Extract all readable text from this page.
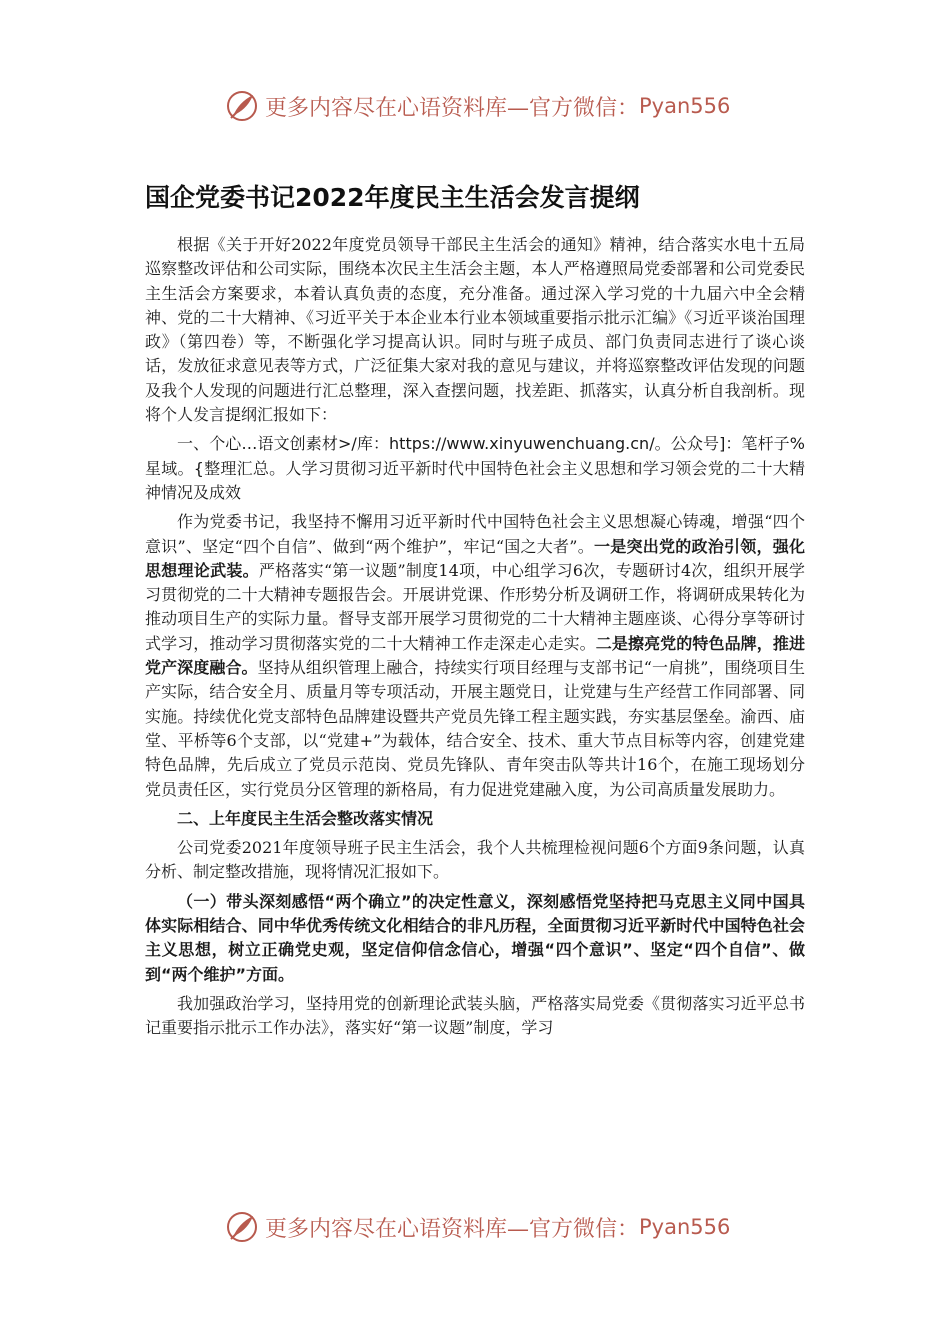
更多内容尽在心语资料库—官方微信： Pyan556
国企党委书记2022年度民主生活会发言提纲

根据《关于开好2022年度党员领导干部民主生活会的通知》精神，结合落实水电十五局巡察整改评估和公司实际，围绕本次民主生活会主题，本人严格遵照局党委部署和公司党委民主生活会方案要求，本着认真负责的态度，充分准备。通过深入学习党的十九届六中全会精神、党的二十大精神、《习近平关于本企业本行业本领域重要指示批示汇编》《习近平谈治国理政》（第四卷）等，不断强化学习提高认识。同时与班子成员、部门负责同志进行了谈心谈话，发放征求意见表等方式，广泛征集大家对我的意见与建议，并将巡察整改评估发现的问题及我个人发现的问题进行汇总整理，深入查摆问题，找差距、抓落实，认真分析自我剖析。现将个人发言提纲汇报如下：

一、个心…语文创素材>/库：https://www.xinyuwenchuang.cn/。公众号]：笔杆子%星域。{整理汇总。人学习贯彻习近平新时代中国特色社会主义思想和学习领会党的二十大精神情况及成效

作为党委书记，我坚持不懈用习近平新时代中国特色社会主义思想凝心铸魂，增强“四个意识”、坚定“四个自信”、做到“两个维护”，牢记“国之大者”。一是突出党的政治引领，强化思想理论武装。严格落实“第一议题”制度14项，中心组学习6次，专题研讨4次，组织开展学习贯彻党的二十大精神专题报告会。开展讲党课、作形势分析及调研工作，将调研成果转化为推动项目生产的实际力量。督导支部开展学习贯彻党的二十大精神主题座谈、心得分享等研讨式学习，推动学习贯彻落实党的二十大精神工作走深走心走实。二是擦亮党的特色品牌，推进党产深度融合。坚持从组织管理上融合，持续实行项目经理与支部书记“一肩挑”，围绕项目生产实际，结合安全月、质量月等专项活动，开展主题党日，让党建与生产经营工作同部署、同实施。持续优化党支部特色品牌建设暨共产党员先锋工程主题实践，夯实基层堡垒。渝西、庙堂、平桥等6个支部，以“党建+”为载体，结合安全、技术、重大节点目标等内容，创建党建特色品牌，先后成立了党员示范岗、党员先锋队、青年突击队等共计16个，在施工现场划分党员责任区，实行党员分区管理的新格局，有力促进党建融入度，为公司高质量发展助力。

二、上年度民主生活会整改落实情况

公司党委2021年度领导班子民主生活会，我个人共梳理检视问题6个方面9条问题，认真分析、制定整改措施，现将情况汇报如下。

（一）带头深刻感悟“两个确立”的决定性意义，深刻感悟党坚持把马克思主义同中国具体实际相结合、同中华优秀传统文化相结合的非凡历程，全面贯彻习近平新时代中国特色社会主义思想，树立正确党史观，坚定信仰信念信心，增强“四个意识”、坚定“四个自信”、做到“两个维护”方面。

我加强政治学习，坚持用党的创新理论武装头脑，严格落实局党委《贯彻落实习近平总书记重要指示批示工作办法》，落实好“第一议题”制度，学习

更多内容尽在心语资料库—官方微信： Pyan556
